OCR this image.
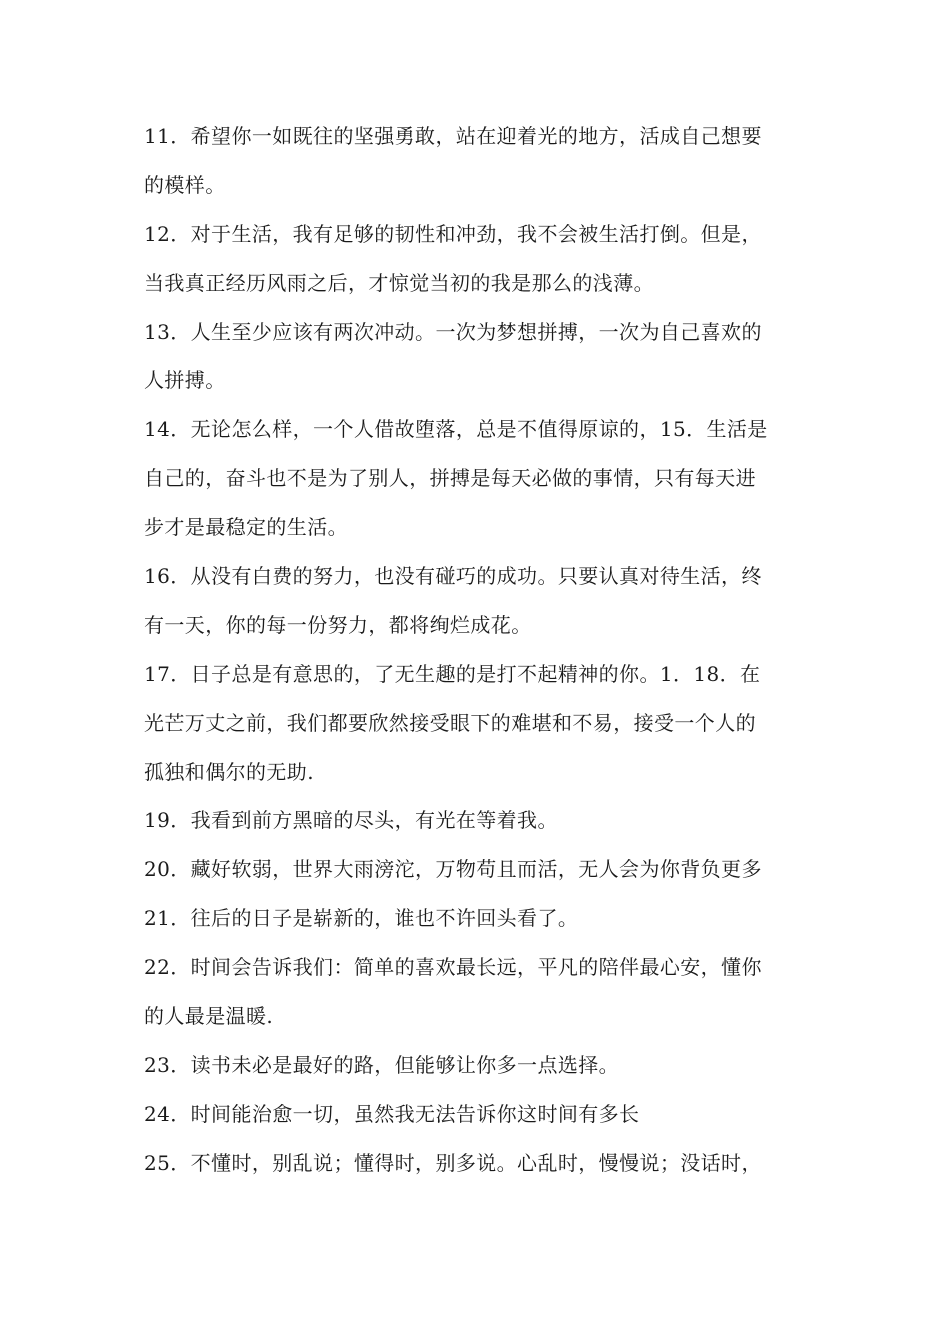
11．希望你一如既往的坚强勇敢，站在迎着光的地方，活成自己想要
的模样。
12．对于生活，我有足够的韧性和冲劲，我不会被生活打倒。但是，
当我真正经历风雨之后，才惊觉当初的我是那么的浅薄。
13．人生至少应该有两次冲动。一次为梦想拼搏，一次为自己喜欢的
人拼搏。
14．无论怎么样，一个人借故堕落，总是不值得原谅的，15．生活是
自己的，奋斗也不是为了别人，拼搏是每天必做的事情，只有每天进
步才是最稳定的生活。
16．从没有白费的努力，也没有碰巧的成功。只要认真对待生活，终
有一天，你的每一份努力，都将绚烂成花。
17．日子总是有意思的，了无生趣的是打不起精神的你。1．18．在
光芒万丈之前，我们都要欣然接受眼下的难堪和不易，接受一个人的
孤独和偶尔的无助.
19．我看到前方黑暗的尽头，有光在等着我。
20．藏好软弱，世界大雨滂沱，万物苟且而活，无人会为你背负更多
21．往后的日子是崭新的，谁也不许回头看了。
22．时间会告诉我们：简单的喜欢最长远，平凡的陪伴最心安，懂你
的人最是温暖.
23．读书未必是最好的路，但能够让你多一点选择。
24．时间能治愈一切，虽然我无法告诉你这时间有多长
25．不懂时，别乱说；懂得时，别多说。心乱时，慢慢说；没话时，
